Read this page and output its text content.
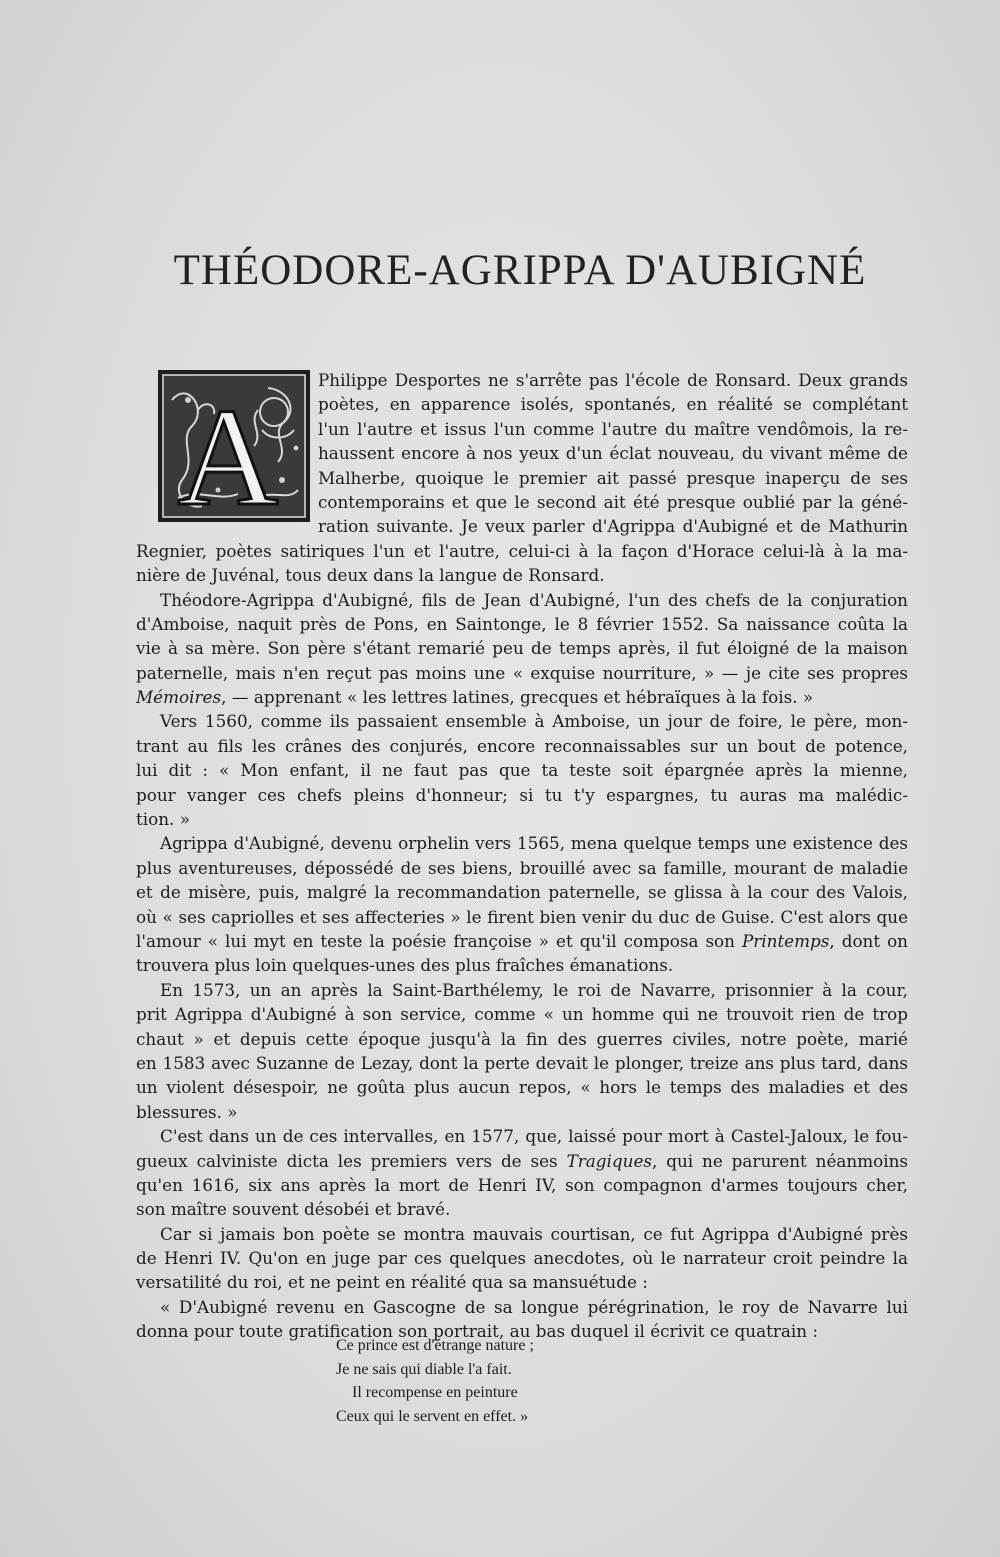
THÉODORE-AGRIPPA D'AUBIGNÉ
A	Philippe Desportes ne s'arrête pas l'école de Ronsard. Deux grands
poètes, en apparence isolés, spontanés, en réalité se complétant
l'un l'autre et issus l'un comme l'autre du maître vendômois, la re-
haussent encore à nos yeux d'un éclat nouveau, du vivant même de
Malherbe, quoique le premier ait passé presque inaperçu de ses
contemporains et que le second ait été presque oublié par la géné-
ration suivante. Je veux parler d'Agrippa d'Aubigné et de Mathurin
Regnier, poètes satiriques l'un et l'autre, celui-ci à la façon d'Horace celui-là à la ma-
nière de Juvénal, tous deux dans la langue de Ronsard.
Théodore-Agrippa d'Aubigné, fils de Jean d'Aubigné, l'un des chefs de la conjuration
d'Amboise, naquit près de Pons, en Saintonge, le 8 février 1552. Sa naissance coûta la
vie à sa mère. Son père s'étant remarié peu de temps après, il fut éloigné de la maison
paternelle, mais n'en reçut pas moins une « exquise nourriture, » — je cite ses propres
Mémoires, — apprenant « les lettres latines, grecques et hébraïques à la fois. »
Vers 1560, comme ils passaient ensemble à Amboise, un jour de foire, le père, mon-
trant au fils les crânes des conjurés, encore reconnaissables sur un bout de potence,
lui dit : « Mon enfant, il ne faut pas que ta teste soit épargnée après la mienne,
pour vanger ces chefs pleins d'honneur; si tu t'y espargnes, tu auras ma malédic-
tion. »
Agrippa d'Aubigné, devenu orphelin vers 1565, mena quelque temps une existence des
plus aventureuses, dépossédé de ses biens, brouillé avec sa famille, mourant de maladie
et de misère, puis, malgré la recommandation paternelle, se glissa à la cour des Valois,
où « ses capriolles et ses affecteries » le firent bien venir du duc de Guise. C'est alors que
l'amour « lui myt en teste la poésie françoise » et qu'il composa son Printemps, dont on
trouvera plus loin quelques-unes des plus fraîches émanations.
En 1573, un an après la Saint-Barthélemy, le roi de Navarre, prisonnier à la cour,
prit Agrippa d'Aubigné à son service, comme « un homme qui ne trouvoit rien de trop
chaut » et depuis cette époque jusqu'à la fin des guerres civiles, notre poète, marié
en 1583 avec Suzanne de Lezay, dont la perte devait le plonger, treize ans plus tard, dans
un violent désespoir, ne goûta plus aucun repos, « hors le temps des maladies et des
blessures. »
C'est dans un de ces intervalles, en 1577, que, laissé pour mort à Castel-Jaloux, le fou-
gueux calviniste dicta les premiers vers de ses Tragiques, qui ne parurent néanmoins
qu'en 1616, six ans après la mort de Henri IV, son compagnon d'armes toujours cher,
son maître souvent désobéi et bravé.
Car si jamais bon poète se montra mauvais courtisan, ce fut Agrippa d'Aubigné près
de Henri IV. Qu'on en juge par ces quelques anecdotes, où le narrateur croit peindre la
versatilité du roi, et ne peint en réalité qua sa mansuétude :
« D'Aubigné revenu en Gascogne de sa longue pérégrination, le roy de Navarre lui
donna pour toute gratification son portrait, au bas duquel il écrivit ce quatrain :
Ce prince est d'étrange nature ;
Je ne sais qui diable l'a fait.
Il recompense en peinture
Ceux qui le servent en effet. »
